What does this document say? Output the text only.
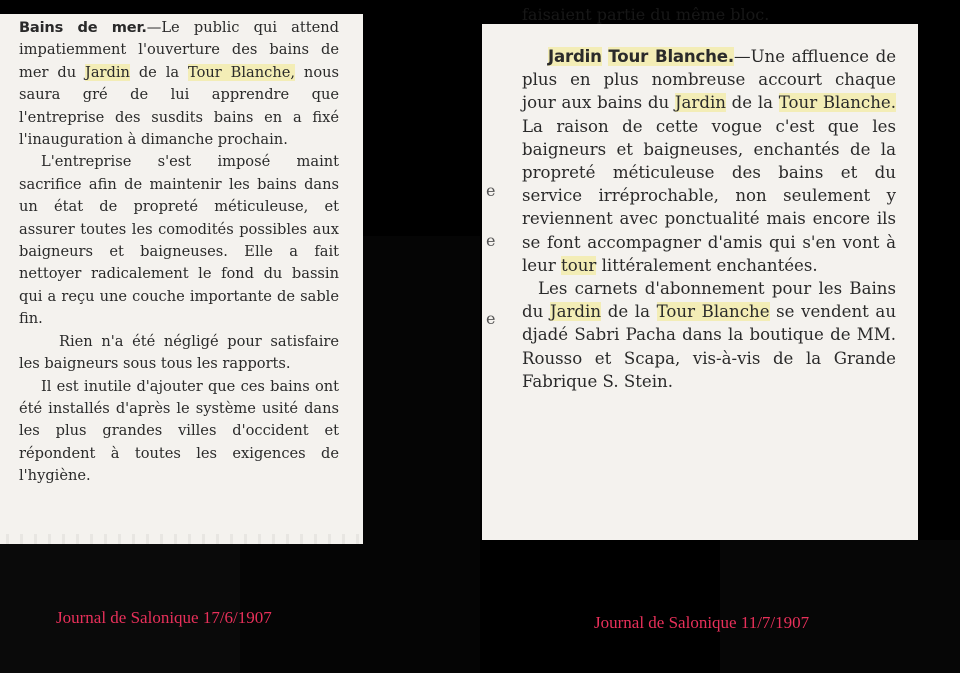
Bains de mer.—Le public qui attend impatiemment l'ouverture des bains de mer du Jardin de la Tour Blanche, nous saura gré de lui apprendre que l'entreprise des susdits bains en a fixé l'inauguration à dimanche prochain.

L'entreprise s'est imposé maint sacrifice afin de maintenir les bains dans un état de propreté méticuleuse, et assurer toutes les comodités possibles aux baigneurs et baigneuses. Elle a fait nettoyer radicalement le fond du bassin qui a reçu une couche importante de sable fin.

Rien n'a été négligé pour satisfaire les baigneurs sous tous les rapports.

Il est inutile d'ajouter que ces bains ont été installés d'après le système usité dans les plus grandes villes d'occident et répondent à toutes les exigences de l'hygiène.

e
e
e
faisaient partie du même bloc.

Jardin Tour Blanche.—Une affluence de plus en plus nombreuse accourt chaque jour aux bains du Jardin de la Tour Blanche. La raison de cette vogue c'est que les baigneurs et baigneuses, enchantés de la propreté méticuleuse des bains et du service irréprochable, non seulement y reviennent avec ponctualité mais encore ils se font accompagner d'amis qui s'en vont à leur tour littéralement enchantées.

Les carnets d'abonnement pour les Bains du Jardin de la Tour Blanche se vendent au djadé Sabri Pacha dans la boutique de MM. Rousso et Scapa, vis-à-vis de la Grande Fabrique S. Stein.

Journal de Salonique 17/6/1907	Journal de Salonique 11/7/1907
